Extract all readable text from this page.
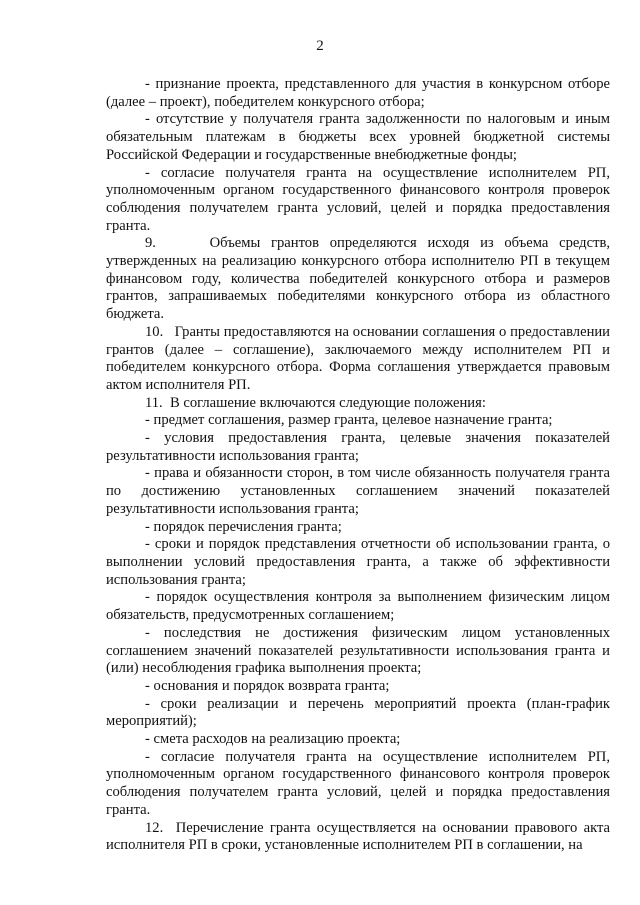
2

- признание проекта, представленного для участия в конкурсном отборе (далее – проект), победителем конкурсного отбора;

- отсутствие у получателя гранта задолженности по налоговым и иным обязательным платежам в бюджеты всех уровней бюджетной системы Российской Федерации и государственные внебюджетные фонды;

- согласие получателя гранта на осуществление исполнителем РП, уполномоченным органом государственного финансового контроля проверок соблюдения получателем гранта условий, целей и порядка предоставления гранта.

9.     Объемы грантов определяются исходя из объема средств, утвержденных на реализацию конкурсного отбора исполнителю РП в текущем финансовом году, количества победителей конкурсного отбора и размеров грантов, запрашиваемых победителями конкурсного отбора из областного бюджета.

10.   Гранты предоставляются на основании соглашения о предоставлении грантов (далее – соглашение), заключаемого между исполнителем РП и победителем конкурсного отбора. Форма соглашения утверждается правовым актом исполнителя РП.

11.  В соглашение включаются следующие положения:

- предмет соглашения, размер гранта, целевое назначение гранта;

- условия предоставления гранта, целевые значения показателей результативности использования гранта;

- права и обязанности сторон, в том числе обязанность получателя гранта по достижению установленных соглашением значений показателей результативности использования гранта;

- порядок перечисления гранта;

- сроки и порядок представления отчетности об использовании гранта, о выполнении условий предоставления гранта, а также об эффективности использования гранта;

- порядок осуществления контроля за выполнением физическим лицом обязательств, предусмотренных соглашением;

- последствия не достижения физическим лицом установленных соглашением значений показателей результативности использования гранта и (или) несоблюдения графика выполнения проекта;

- основания и порядок возврата гранта;

- сроки реализации и перечень мероприятий проекта (план-график мероприятий);

- смета расходов на реализацию проекта;

- согласие получателя гранта на осуществление исполнителем РП, уполномоченным органом государственного финансового контроля проверок соблюдения получателем гранта условий, целей и порядка предоставления гранта.

12.  Перечисление гранта осуществляется на основании правового акта исполнителя РП в сроки, установленные исполнителем РП в соглашении, на
